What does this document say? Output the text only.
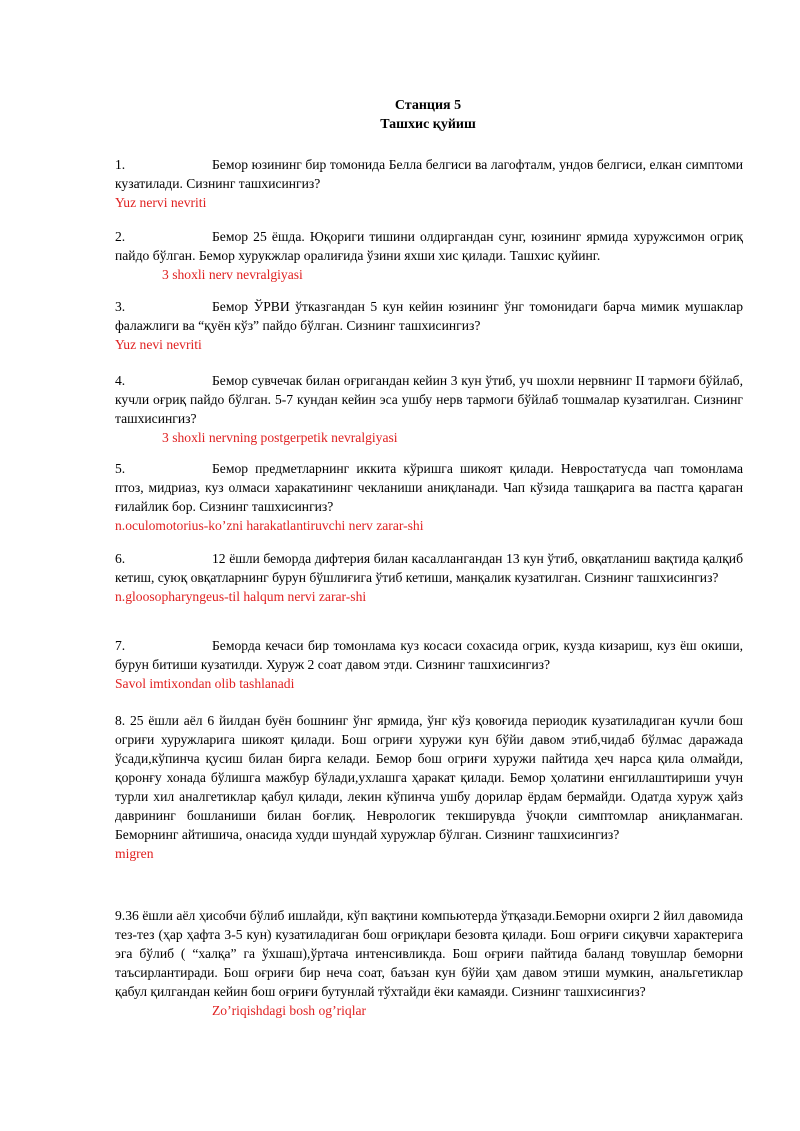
Станция 5
Ташхис қуйиш
1.	Бемор юзининг бир томонида Белла белгиси ва лагофталм, ундов белгиси, елкан симптоми кузатилади. Сизнинг ташхисингиз?
Yuz nervi nevriti
2.	Бемор 25 ёшда. Юқориги тишини олдиргандан сунг, юзининг ярмида хуружсимон огриқ пайдо бўлган. Бемор хурукжлар оралиғида ўзини яхши хис қилади. Ташхис қуйинг.
3 shoxli nerv nevralgiyasi
3.	Бемор ЎРВИ ўтказгандан 5 кун кейин юзининг ўнг томонидаги барча мимик мушаклар фалажлиги ва “қуён кўз” пайдо бўлган. Сизнинг ташхисингиз?
Yuz nevi nevriti
4.	Бемор сувчечак билан оғригандан кейин 3 кун ўтиб, уч шохли нервнинг II тармоғи бўйлаб, кучли оғриқ пайдо бўлган. 5-7 кундан кейин эса ушбу нерв тармоги бўйлаб тошмалар кузатилган. Сизнинг ташхисингиз?
3 shoxli nervning postgerpetik nevralgiyasi
5.	Бемор предметларнинг иккита кўришга шикоят қилади. Невростатусда чап томонлама птоз, мидриаз, куз олмаси харакатининг чекланиши аниқланади. Чап кўзида ташқарига ва пастга қараган ғилайлик бор. Сизнинг ташхисингиз?
n.oculomotorius-ko’zni harakatlantiruvchi nerv zarar-shi
6.	12 ёшли беморда дифтерия билан касаллангандан 13 кун ўтиб, овқатланиш вақтида қалқиб кетиш, суюқ овқатларнинг бурун бўшлиғига ўтиб кетиши, манқалик кузатилган. Сизнинг ташхисингиз?
n.gloosopharyngeus-til halqum nervi zarar-shi
7.	Беморда кечаси бир томонлама куз косаси сохасида огрик, кузда кизариш, куз ёш окиши, бурун битиши кузатилди. Хуруж 2 соат давом этди. Сизнинг ташхисингиз?
Savol imtixondan olib tashlanadi
8. 25 ёшли аёл 6 йилдан буён бошнинг ўнг ярмида, ўнг кўз қовоғида периодик кузатиладиган кучли бош огриғи хуружларига шикоят қилади. Бош огриғи хуружи кун бўйи давом этиб,чидаб бўлмас даражада ўсади,кўпинча қусиш билан бирга келади. Бемор бош огриғи хуружи пайтида ҳеч нарса қила олмайди, қоронғу хонада бўлишга мажбур бўлади,ухлашга ҳаракат қилади. Бемор ҳолатини енгиллаштириши учун турли хил аналгетиклар қабул қилади, лекин кўпинча ушбу дорилар ёрдам бермайди. Одатда хуруж ҳайз даврининг бошланиши билан боғлиқ. Неврологик текширувда ўчоқли симптомлар аниқланмаган. Беморнинг айтишича, онасида худди шундай хуружлар бўлган. Сизнинг ташхисингиз?
migren
9.36 ёшли аёл ҳисобчи бўлиб ишлайди, кўп вақтини компьютерда ўтқазади.Беморни охирги 2 йил давомида тез-тез (ҳар ҳафта 3-5 кун) кузатиладиган бош оғриқлари безовта қилади. Бош оғриғи сиқувчи характерига эга бўлиб ( “халқа” га ўхшаш),ўртача интенсивликда. Бош оғриғи пайтида баланд товушлар беморни таъсирлантиради. Бош оғриғи бир неча соат, баъзан кун бўйи ҳам давом этиши мумкин, анальгетиклар қабул қилгандан кейин бош оғриғи бутунлай тўхтайди ёки камаяди. Сизнинг ташхисингиз?
Zo’riqishdagi bosh og’riqlar
